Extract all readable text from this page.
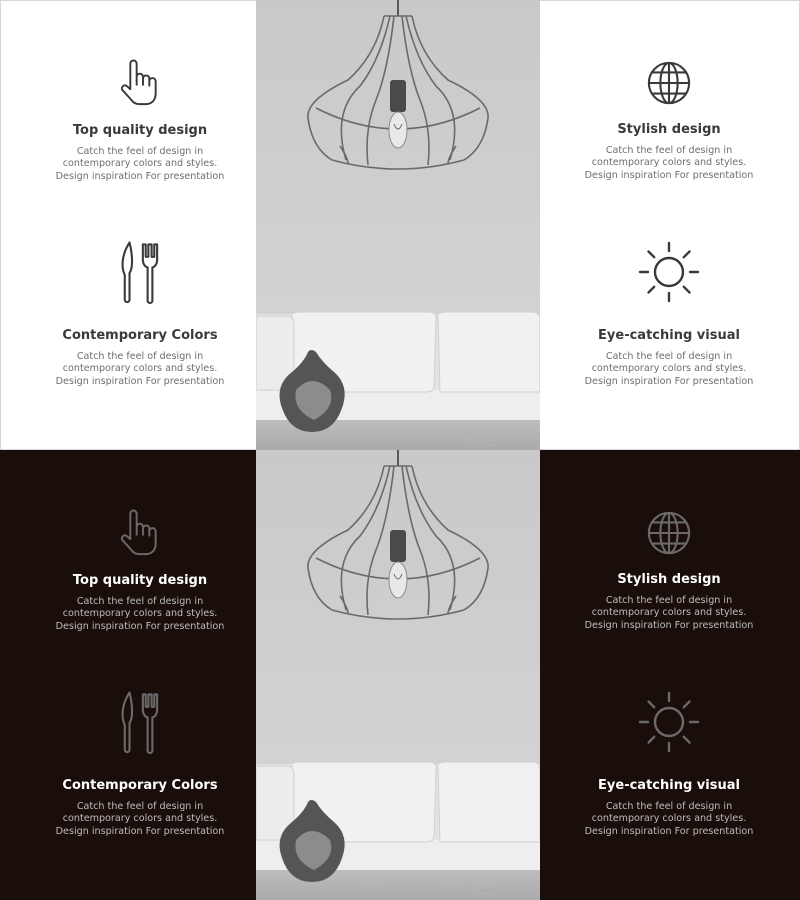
Top quality design

Catch the feel of design in
contemporary colors and styles.
Design inspiration For presentation

Contemporary Colors

Catch the feel of design in
contemporary colors and styles.
Design inspiration For presentation

Stylish design

Catch the feel of design in
contemporary colors and styles.
Design inspiration For presentation

Eye-catching visual

Catch the feel of design in
contemporary colors and styles.
Design inspiration For presentation

Top quality design

Catch the feel of design in
contemporary colors and styles.
Design inspiration For presentation

Contemporary Colors

Catch the feel of design in
contemporary colors and styles.
Design inspiration For presentation

Stylish design

Catch the feel of design in
contemporary colors and styles.
Design inspiration For presentation

Eye-catching visual

Catch the feel of design in
contemporary colors and styles.
Design inspiration For presentation
